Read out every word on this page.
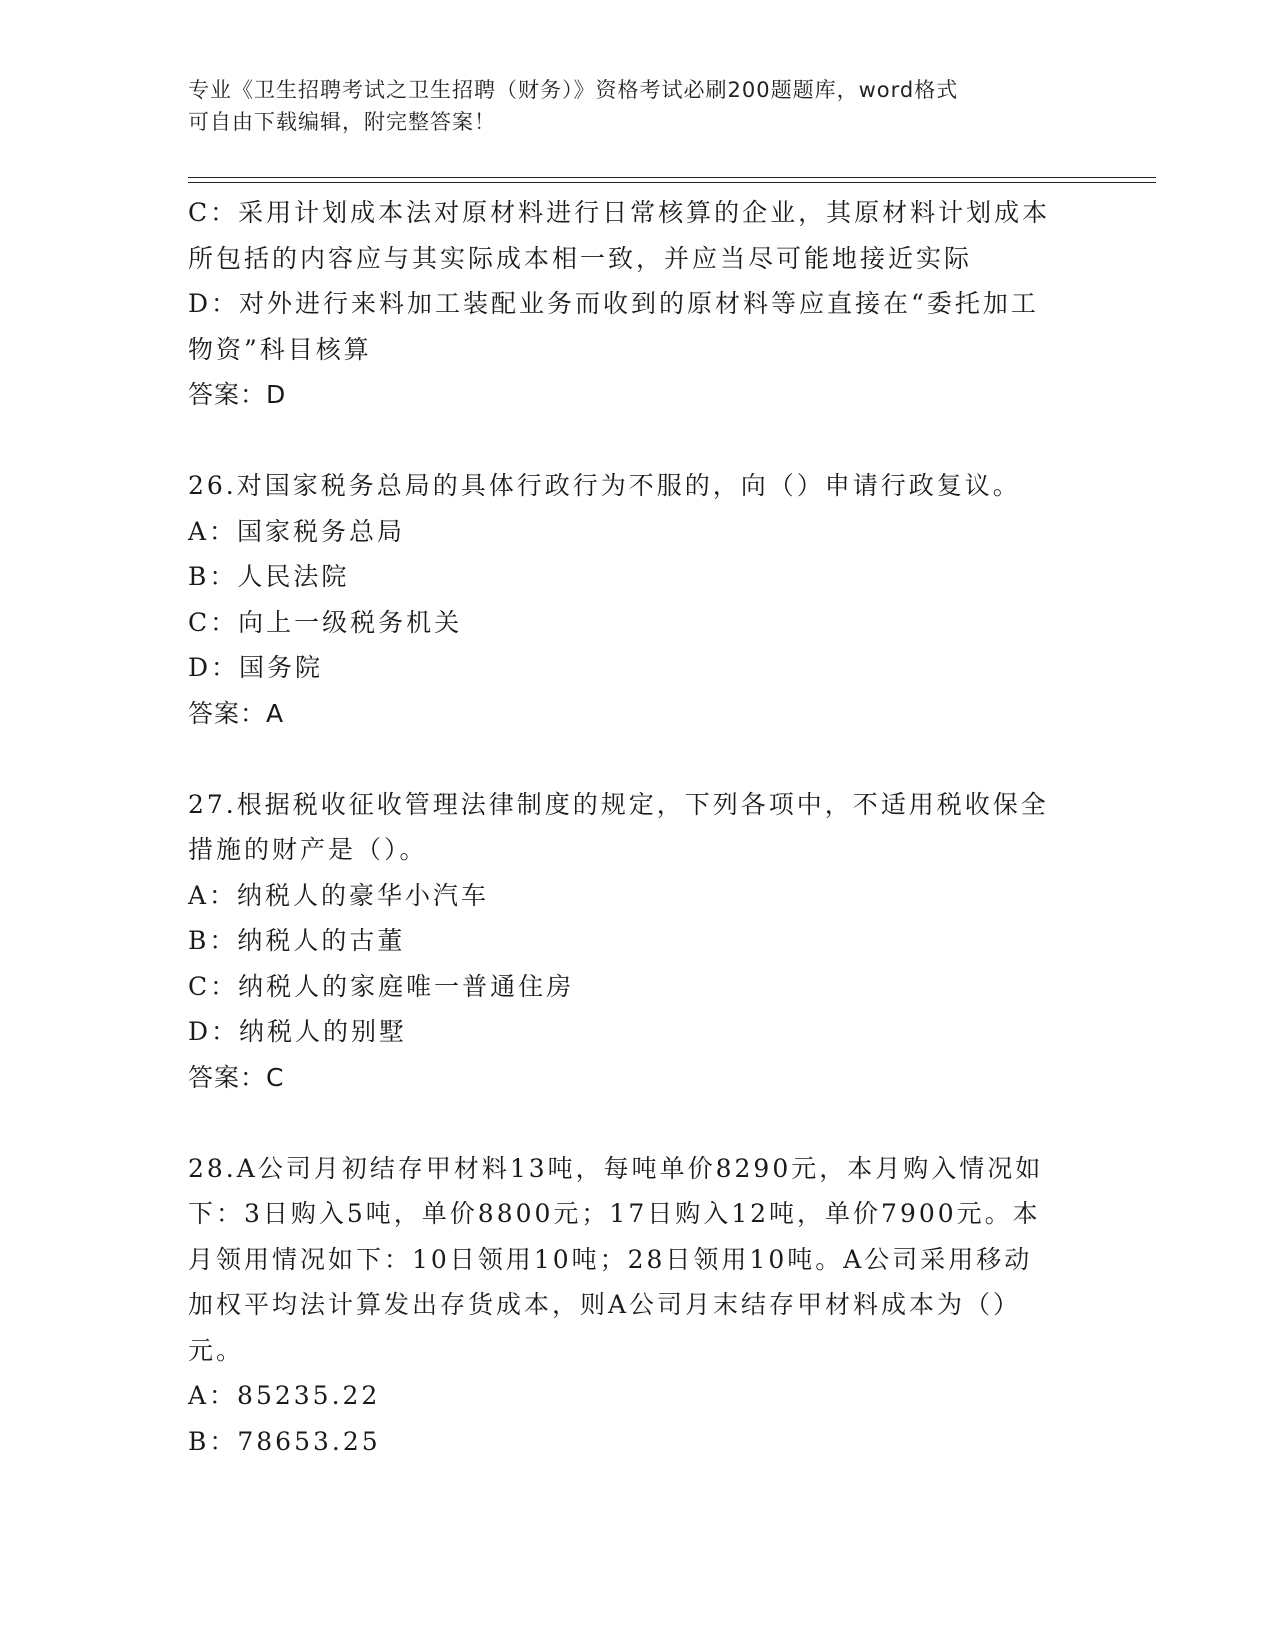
专业《卫生招聘考试之卫生招聘（财务）》资格考试必刷200题题库，word格式

可自由下载编辑，附完整答案！

C：采用计划成本法对原材料进行日常核算的企业，其原材料计划成本

所包括的内容应与其实际成本相一致，并应当尽可能地接近实际

D：对外进行来料加工装配业务而收到的原材料等应直接在“委托加工

物资”科目核算

答案：D

26.对国家税务总局的具体行政行为不服的，向（）申请行政复议。

A：国家税务总局

B：人民法院

C：向上一级税务机关

D：国务院

答案：A

27.根据税收征收管理法律制度的规定，下列各项中，不适用税收保全

措施的财产是（）。

A：纳税人的豪华小汽车

B：纳税人的古董

C：纳税人的家庭唯一普通住房

D：纳税人的别墅

答案：C

28.A公司月初结存甲材料13吨，每吨单价8290元，本月购入情况如

下：3日购入5吨，单价8800元；17日购入12吨，单价7900元。本

月领用情况如下：10日领用10吨；28日领用10吨。A公司采用移动

加权平均法计算发出存货成本，则A公司月末结存甲材料成本为（）

元。

A：85235.22

B：78653.25
